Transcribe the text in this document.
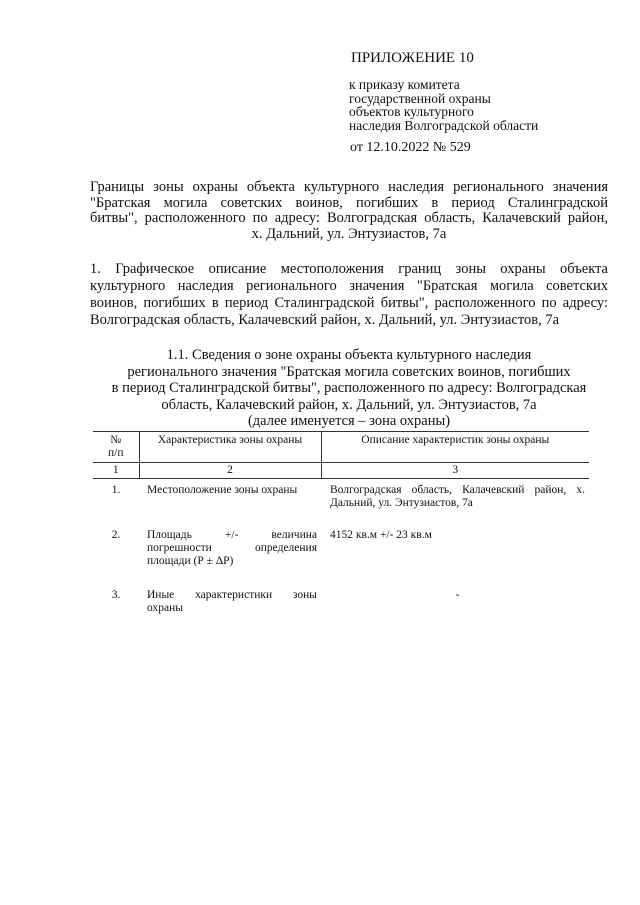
ПРИЛОЖЕНИЕ 10
к приказу комитета
государственной охраны
объектов культурного
наследия Волгоградской области
от 12.10.2022 № 529
Границы зоны охраны объекта культурного наследия регионального значения
"Братская могила советских воинов, погибших в период Сталинградской
битвы", расположенного по адресу: Волгоградская область, Калачевский район,
х. Дальний, ул. Энтузиастов, 7а
1. Графическое описание местоположения границ зоны охраны объекта
культурного наследия регионального значения "Братская могила советских
воинов, погибших в период Сталинградской битвы", расположенного по адресу:
Волгоградская область, Калачевский район, х. Дальний, ул. Энтузиастов, 7а
1.1. Сведения о зоне охраны объекта культурного наследия
регионального значения "Братская могила советских воинов, погибших
в период Сталинградской битвы", расположенного по адресу: Волгоградская
область, Калачевский район, х. Дальний, ул. Энтузиастов, 7а
(далее именуется – зона охраны)
№
п/п	Характеристика зоны охраны	Описание характеристик зоны охраны
1	2	3
1.	Местоположение зоны охраны	Волгоградская область, Калачевский район, х. Дальний, ул. Энтузиастов, 7а
2.	Площадь +/- величина
погрешности определения
площади (Р ± ΔР)	4152 кв.м +/- 23 кв.м
3.	Иные характеристики зоны
охраны	-
